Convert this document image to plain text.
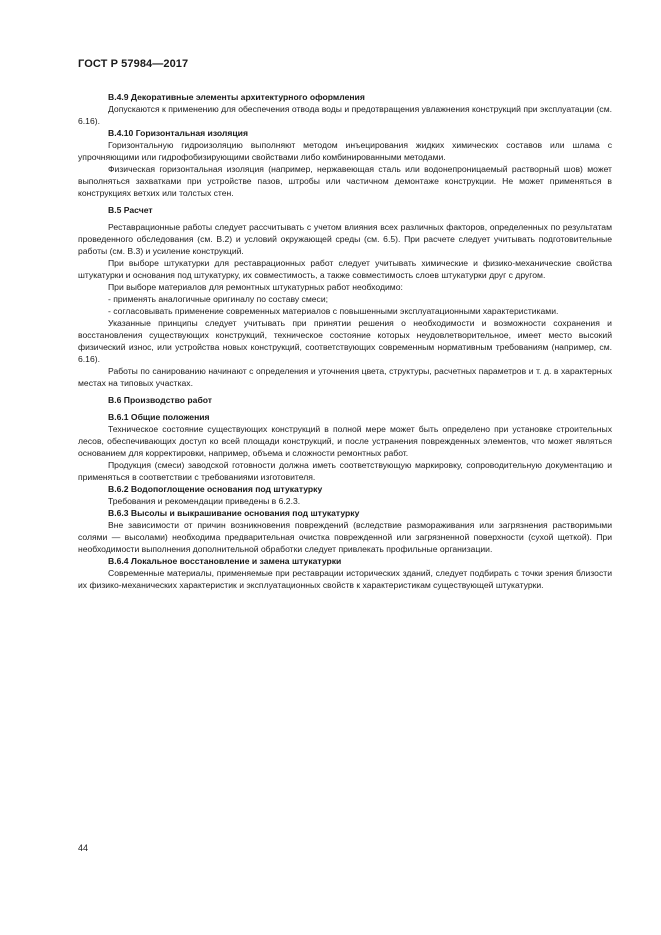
ГОСТ Р 57984—2017

В.4.9 Декоративные элементы архитектурного оформления

Допускаются к применению для обеспечения отвода воды и предотвращения увлажнения конструкций при эксплуатации (см. 6.16).

В.4.10 Горизонтальная изоляция

Горизонтальную гидроизоляцию выполняют методом инъецирования жидких химических составов или шлама с упрочняющими или гидрофобизирующими свойствами либо комбинированными методами.

Физическая горизонтальная изоляция (например, нержавеющая сталь или водонепроницаемый растворный шов) может выполняться захватками при устройстве пазов, штробы или частичном демонтаже конструкции. Не может применяться в конструкциях ветхих или толстых стен.

В.5 Расчет

Реставрационные работы следует рассчитывать с учетом влияния всех различных факторов, определенных по результатам проведенного обследования (см. В.2) и условий окружающей среды (см. 6.5). При расчете следует учитывать подготовительные работы (см. В.3) и усиление конструкций.

При выборе штукатурки для реставрационных работ следует учитывать химические и физико-механические свойства штукатурки и основания под штукатурку, их совместимость, а также совместимость слоев штукатурки друг с другом.

При выборе материалов для ремонтных штукатурных работ необходимо:

- применять аналогичные оригиналу по составу смеси;

- согласовывать применение современных материалов с повышенными эксплуатационными характеристиками.

Указанные принципы следует учитывать при принятии решения о необходимости и возможности сохранения и восстановления существующих конструкций, техническое состояние которых неудовлетворительное, имеет место высокий физический износ, или устройства новых конструкций, соответствующих современным нормативным требованиям (например, см. 6.16).

Работы по санированию начинают с определения и уточнения цвета, структуры, расчетных параметров и т. д. в характерных местах на типовых участках.

В.6 Производство работ

В.6.1 Общие положения

Техническое состояние существующих конструкций в полной мере может быть определено при установке строительных лесов, обеспечивающих доступ ко всей площади конструкций, и после устранения поврежденных элементов, что может являться основанием для корректировки, например, объема и сложности ремонтных работ.

Продукция (смеси) заводской готовности должна иметь соответствующую маркировку, сопроводительную документацию и применяться в соответствии с требованиями изготовителя.

В.6.2 Водопоглощение основания под штукатурку

Требования и рекомендации приведены в 6.2.3.

В.6.3 Высолы и выкрашивание основания под штукатурку

Вне зависимости от причин возникновения повреждений (вследствие размораживания или загрязнения растворимыми солями — высолами) необходима предварительная очистка поврежденной или загрязненной поверхности (сухой щеткой). При необходимости выполнения дополнительной обработки следует привлекать профильные организации.

В.6.4 Локальное восстановление и замена штукатурки

Современные материалы, применяемые при реставрации исторических зданий, следует подбирать с точки зрения близости их физико-механических характеристик и эксплуатационных свойств к характеристикам существующей штукатурки.

44
